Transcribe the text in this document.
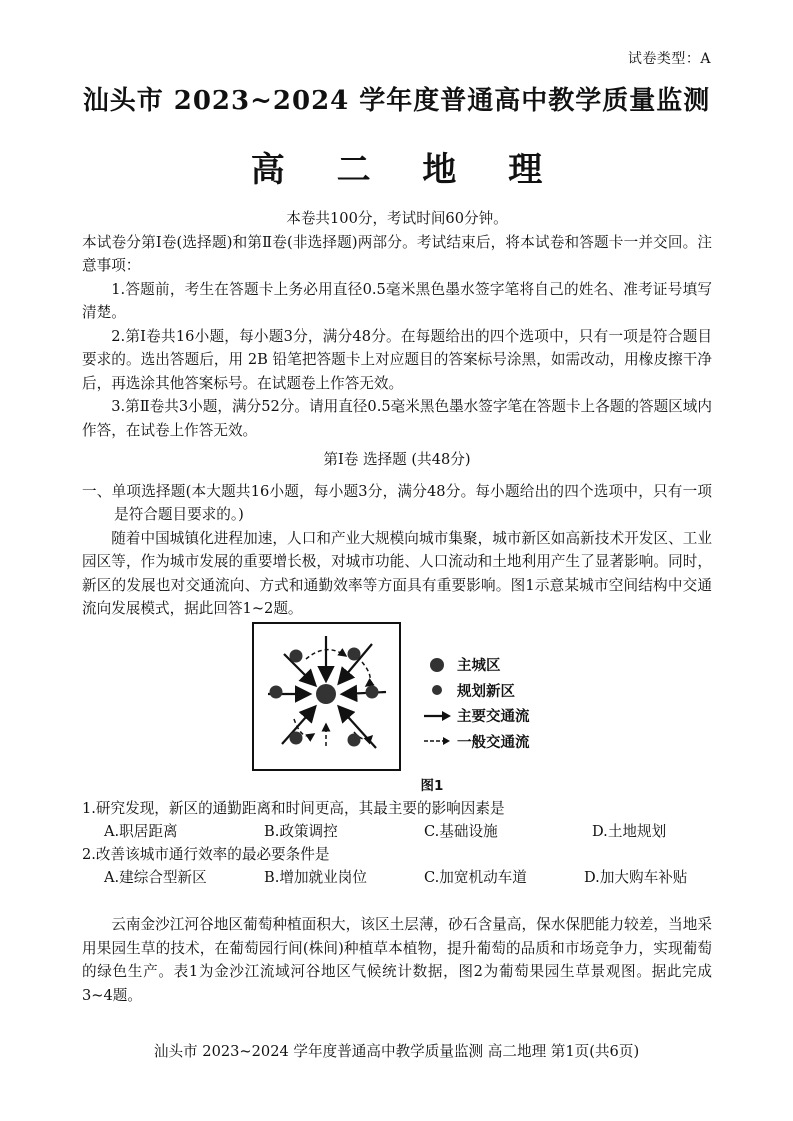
试卷类型：A
汕头市 2023~2024 学年度普通高中教学质量监测
高 二 地 理

本卷共100分，考试时间60分钟。

本试卷分第Ⅰ卷(选择题)和第Ⅱ卷(非选择题)两部分。考试结束后，将本试卷和答题卡一并交回。注意事项：

1.答题前，考生在答题卡上务必用直径0.5毫米黑色墨水签字笔将自己的姓名、准考证号填写清楚。

2.第Ⅰ卷共16小题，每小题3分，满分48分。在每题给出的四个选项中，只有一项是符合题目要求的。选出答题后，用 2B 铅笔把答题卡上对应题目的答案标号涂黑，如需改动，用橡皮擦干净后，再选涂其他答案标号。在试题卷上作答无效。

3.第Ⅱ卷共3小题，满分52分。请用直径0.5毫米黑色墨水签字笔在答题卡上各题的答题区域内作答，在试卷上作答无效。

第Ⅰ卷 选择题 (共48分)

一、单项选择题(本大题共16小题，每小题3分，满分48分。每小题给出的四个选项中，只有一项是符合题目要求的。)

随着中国城镇化进程加速，人口和产业大规模向城市集聚，城市新区如高新技术开发区、工业园区等，作为城市发展的重要增长极，对城市功能、人口流动和土地利用产生了显著影响。同时，新区的发展也对交通流向、方式和通勤效率等方面具有重要影响。图1示意某城市空间结构中交通流向发展模式，据此回答1~2题。

主城区
规划新区
主要交通流
一般交通流
图1

1.研究发现，新区的通勤距离和时间更高，其最主要的影响因素是

A.职居距离	B.政策调控	C.基础设施	D.土地规划

2.改善该城市通行效率的最必要条件是

A.建综合型新区	B.增加就业岗位	C.加宽机动车道	D.加大购车补贴

云南金沙江河谷地区葡萄种植面积大，该区土层薄，砂石含量高，保水保肥能力较差，当地采用果园生草的技术，在葡萄园行间(株间)种植草本植物，提升葡萄的品质和市场竞争力，实现葡萄的绿色生产。表1为金沙江流域河谷地区气候统计数据，图2为葡萄果园生草景观图。据此完成3~4题。

汕头市 2023~2024 学年度普通高中教学质量监测 高二地理 第1页(共6页)
